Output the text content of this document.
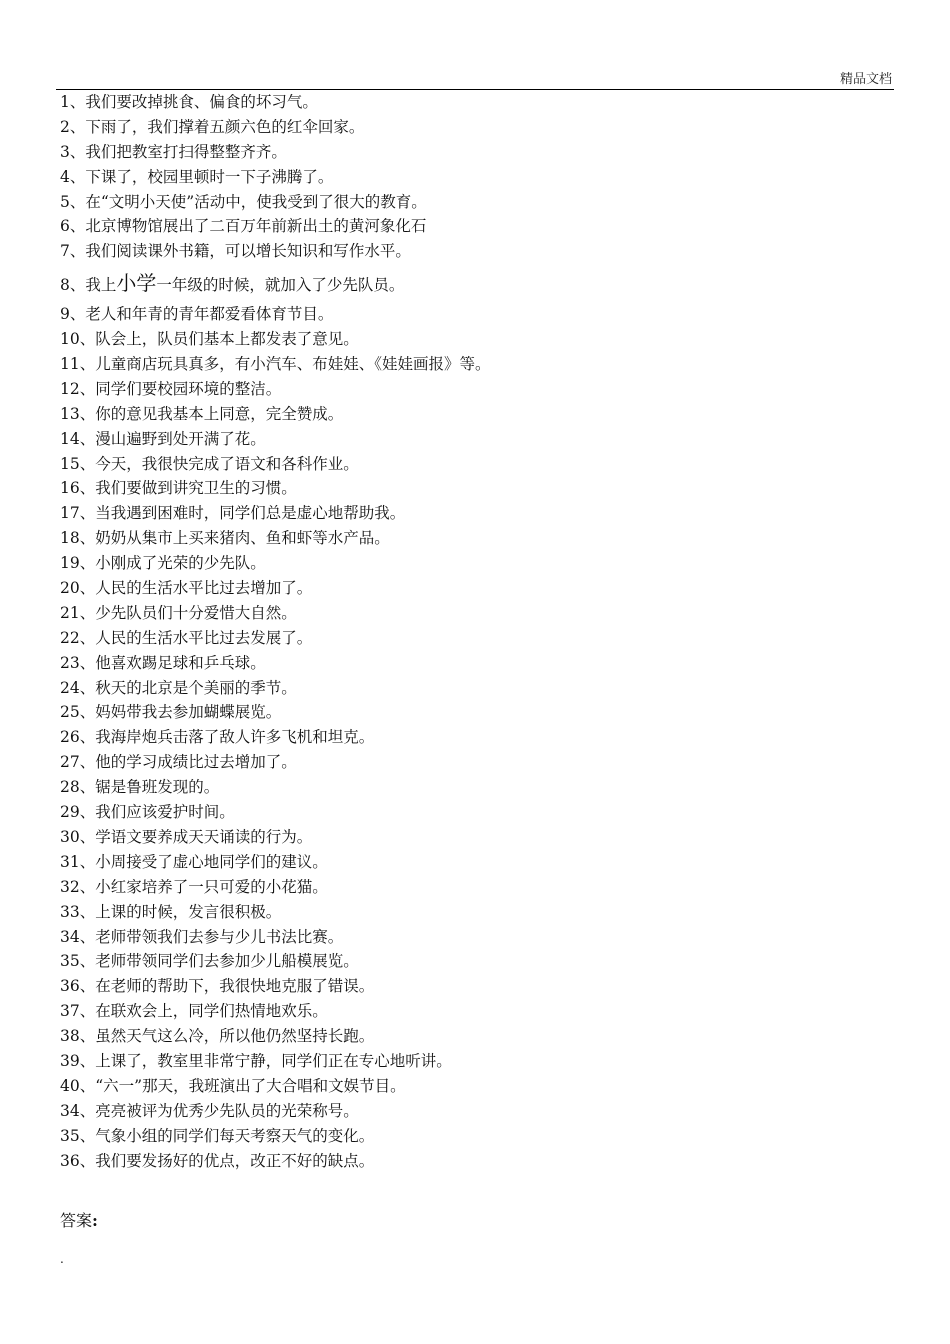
精品文档
1、我们要改掉挑食、偏食的坏习气。
2、下雨了，我们撑着五颜六色的红伞回家。
3、我们把教室打扫得整整齐齐。
4、下课了，校园里顿时一下子沸腾了。
5、在“文明小天使”活动中，使我受到了很大的教育。
6、北京博物馆展出了二百万年前新出土的黄河象化石
7、我们阅读课外书籍，可以增长知识和写作水平。
8、我上小学一年级的时候，就加入了少先队员。
9、老人和年青的青年都爱看体育节目。
10、队会上，队员们基本上都发表了意见。
11、儿童商店玩具真多，有小汽车、布娃娃、《娃娃画报》等。
12、同学们要校园环境的整洁。
13、你的意见我基本上同意，完全赞成。
14、漫山遍野到处开满了花。
15、今天，我很快完成了语文和各科作业。
16、我们要做到讲究卫生的习惯。
17、当我遇到困难时，同学们总是虚心地帮助我。
18、奶奶从集市上买来猪肉、鱼和虾等水产品。
19、小刚成了光荣的少先队。
20、人民的生活水平比过去增加了。
21、少先队员们十分爱惜大自然。
22、人民的生活水平比过去发展了。
23、他喜欢踢足球和乒乓球。
24、秋天的北京是个美丽的季节。
25、妈妈带我去参加蝴蝶展览。
26、我海岸炮兵击落了敌人许多飞机和坦克。
27、他的学习成绩比过去增加了。
28、锯是鲁班发现的。
29、我们应该爱护时间。
30、学语文要养成天天诵读的行为。
31、小周接受了虚心地同学们的建议。
32、小红家培养了一只可爱的小花猫。
33、上课的时候，发言很积极。
34、老师带领我们去参与少儿书法比赛。
35、老师带领同学们去参加少儿船模展览。
36、在老师的帮助下，我很快地克服了错误。
37、在联欢会上，同学们热情地欢乐。
38、虽然天气这么冷，所以他仍然坚持长跑。
39、上课了，教室里非常宁静，同学们正在专心地听讲。
40、“六一”那天，我班演出了大合唱和文娱节目。
34、亮亮被评为优秀少先队员的光荣称号。
35、气象小组的同学们每天考察天气的变化。
36、我们要发扬好的优点，改正不好的缺点。
答案:
.
